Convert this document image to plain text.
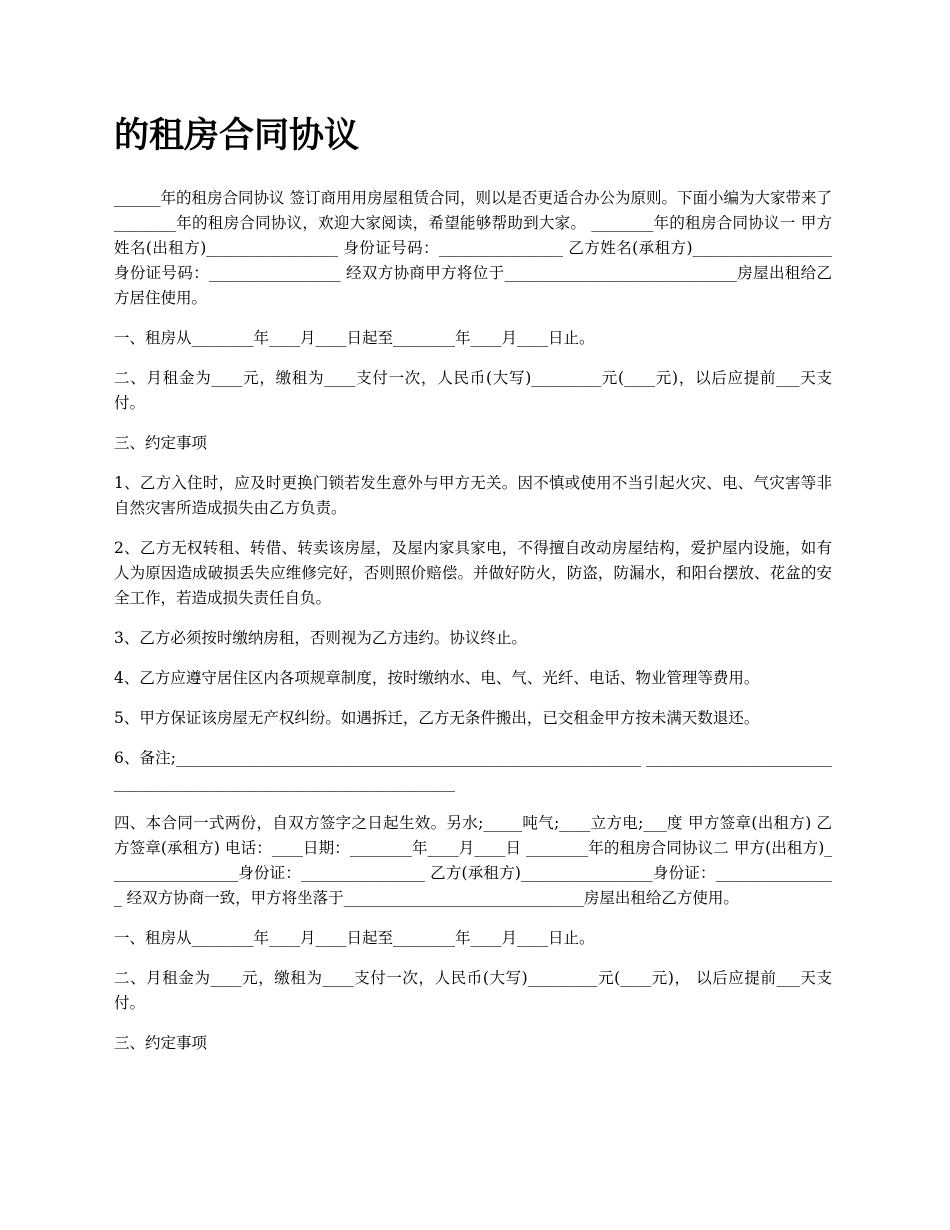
的租房合同协议

______年的租房合同协议 签订商用用房屋租赁合同，则以是否更适合办公为原则。下面小编为大家带来了________年的租房合同协议，欢迎大家阅读，希望能够帮助到大家。 ________年的租房合同协议一 甲方姓名(出租方)_________________ 身份证号码：________________ 乙方姓名(承租方)__________________身份证号码：_________________ 经双方协商甲方将位于______________________________房屋出租给乙方居住使用。

一、租房从________年____月____日起至________年____月____日止。

二、月租金为____元，缴租为____支付一次，人民币(大写)_________元(____元)，以后应提前___天支付。

三、约定事项

1、乙方入住时，应及时更换门锁若发生意外与甲方无关。因不慎或使用不当引起火灾、电、气灾害等非自然灾害所造成损失由乙方负责。

2、乙方无权转租、转借、转卖该房屋，及屋内家具家电，不得擅自改动房屋结构，爱护屋内设施，如有人为原因造成破损丢失应维修完好，否则照价赔偿。并做好防火，防盗，防漏水，和阳台摆放、花盆的安全工作，若造成损失责任自负。

3、乙方必须按时缴纳房租，否则视为乙方违约。协议终止。

4、乙方应遵守居住区内各项规章制度，按时缴纳水、电、气、光纤、电话、物业管理等费用。

5、甲方保证该房屋无产权纠纷。如遇拆迁，乙方无条件搬出，已交租金甲方按未满天数退还。

6、备注;____________________________________________________________ ____________________________________________________________________

四、本合同一式两份，自双方签字之日起生效。另水;_____吨气;____立方电;___度 甲方签章(出租方) 乙方签章(承租方) 电话：____日期：________年____月____日 ________年的租房合同协议二 甲方(出租方)_________________身份证：________________ 乙方(承租方)_________________身份证：________________ 经双方协商一致，甲方将坐落于_______________________________房屋出租给乙方使用。

一、租房从________年____月____日起至________年____月____日止。

二、月租金为____元，缴租为____支付一次，人民币(大写)_________元(____元)， 以后应提前___天支付。

三、约定事项
